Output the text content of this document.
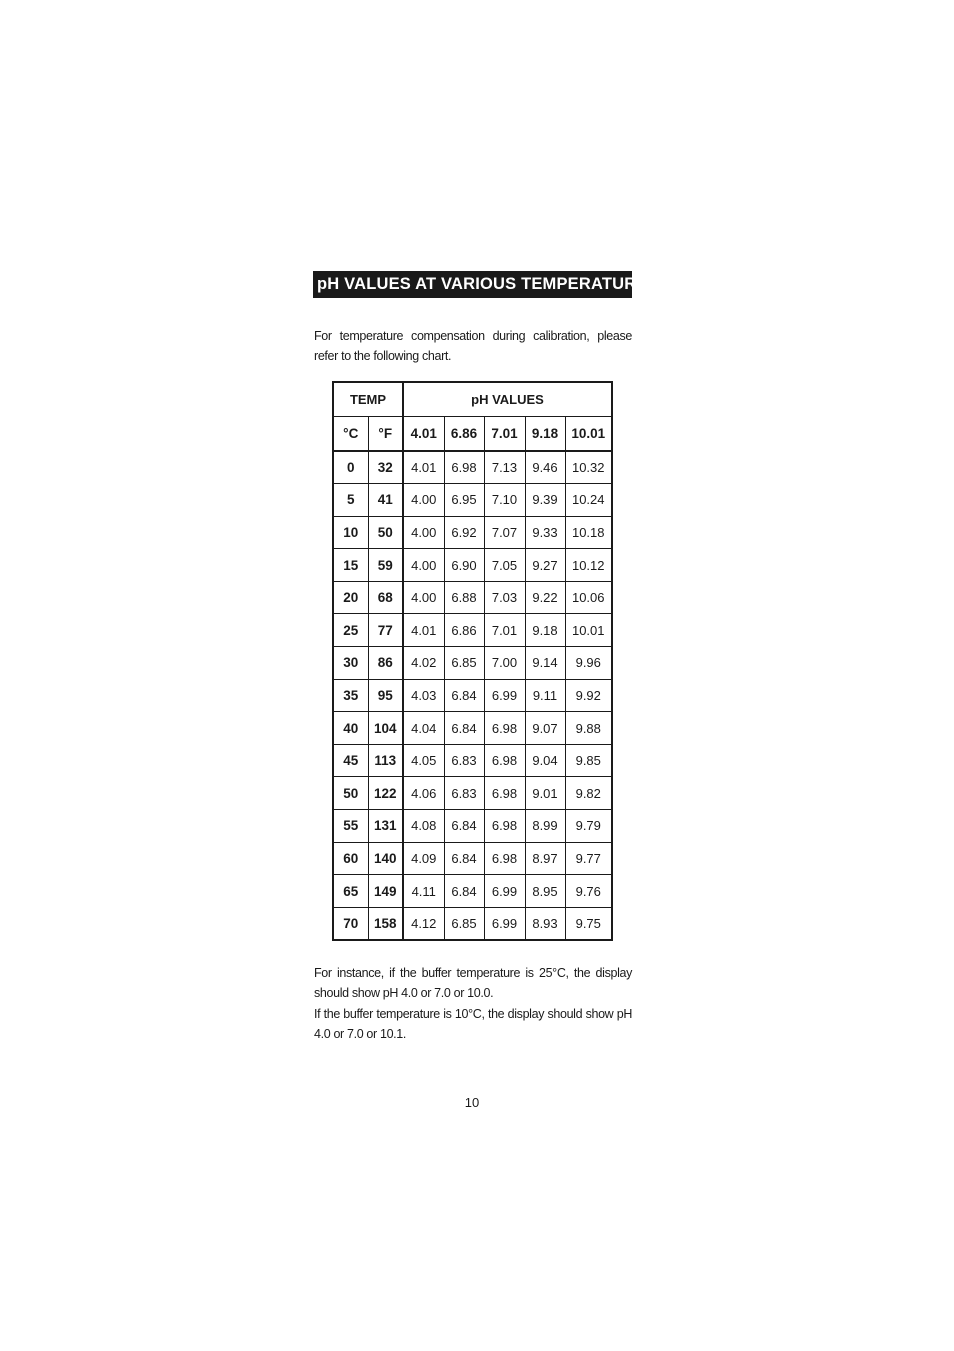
pH VALUES AT VARIOUS TEMPERATURES

For temperature compensation during calibration, please refer to the following chart.

TEMP		pH VALUES				
°C	°F	4.01	6.86	7.01	9.18	10.01
0	32	4.01	6.98	7.13	9.46	10.32
5	41	4.00	6.95	7.10	9.39	10.24
10	50	4.00	6.92	7.07	9.33	10.18
15	59	4.00	6.90	7.05	9.27	10.12
20	68	4.00	6.88	7.03	9.22	10.06
25	77	4.01	6.86	7.01	9.18	10.01
30	86	4.02	6.85	7.00	9.14	9.96
35	95	4.03	6.84	6.99	9.11	9.92
40	104	4.04	6.84	6.98	9.07	9.88
45	113	4.05	6.83	6.98	9.04	9.85
50	122	4.06	6.83	6.98	9.01	9.82
55	131	4.08	6.84	6.98	8.99	9.79
60	140	4.09	6.84	6.98	8.97	9.77
65	149	4.11	6.84	6.99	8.95	9.76
70	158	4.12	6.85	6.99	8.93	9.75

For instance, if the buffer temperature is 25°C, the display should show pH 4.0 or 7.0 or 10.0.

If the buffer temperature is 10°C, the display should show pH 4.0 or 7.0 or 10.1.

10
